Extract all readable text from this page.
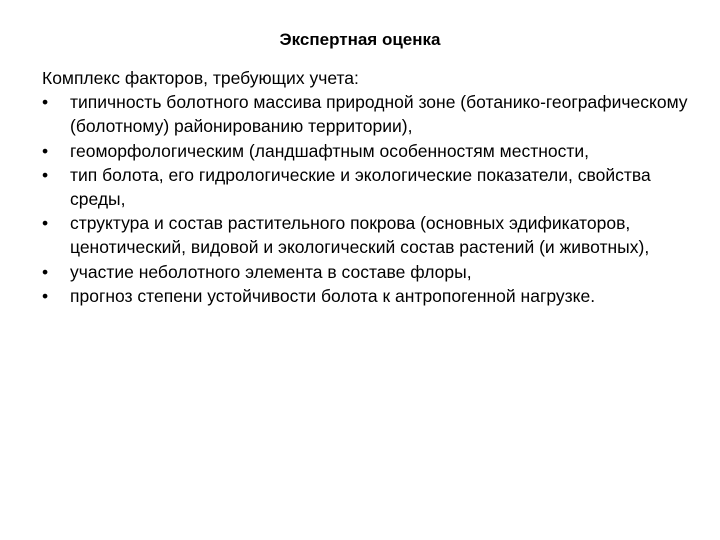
Экспертная оценка

Комплекс факторов, требующих учета:

•	типичность болотного массива природной зоне (ботанико-географическому (болотному) районированию территории),
•	геоморфологическим (ландшафтным особенностям местности,
•	тип болота, его гидрологические и экологические показатели, свойства среды,
•	структура и состав растительного покрова (основных эдификаторов, ценотический, видовой и экологический состав растений (и животных),
•	участие неболотного элемента в составе флоры,
•	прогноз степени устойчивости болота к антропогенной нагрузке.
